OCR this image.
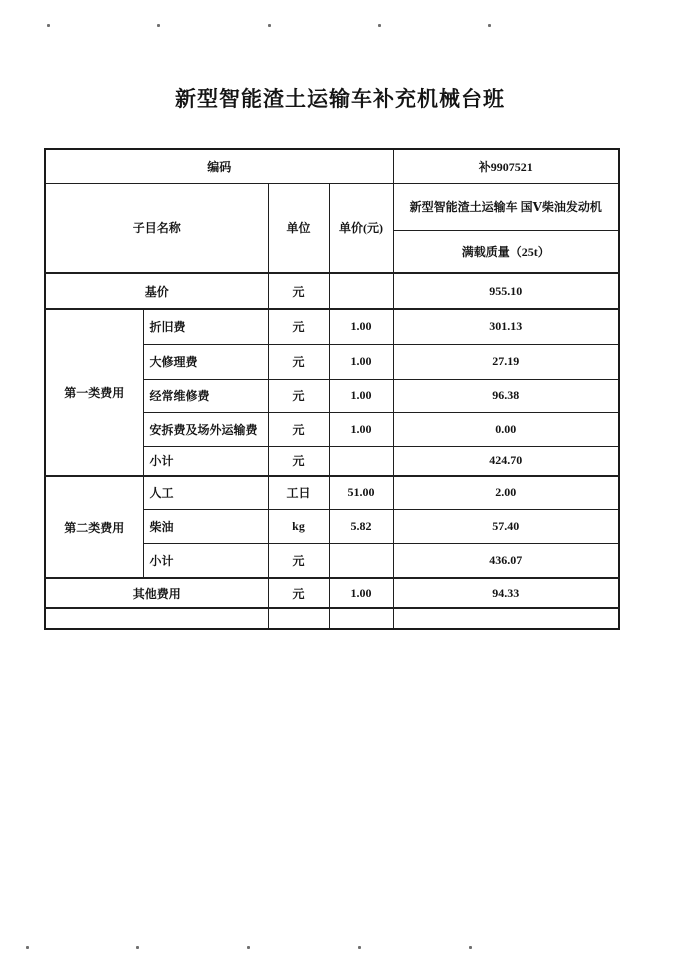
新型智能渣土运输车补充机械台班
编码				补9907521
子目名称		单位	单价(元)	新型智能渣土运输车 国Ⅴ柴油发动机
				满载质量（25t）
基价		元		955.10
第一类费用	折旧费	元	1.00	301.13
	大修理费	元	1.00	27.19
	经常维修费	元	1.00	96.38
	安拆费及场外运输费	元	1.00	0.00
	小计	元		424.70
第二类费用	人工	工日	51.00	2.00
	柴油	kg	5.82	57.40
	小计	元		436.07
其他费用		元	1.00	94.33
